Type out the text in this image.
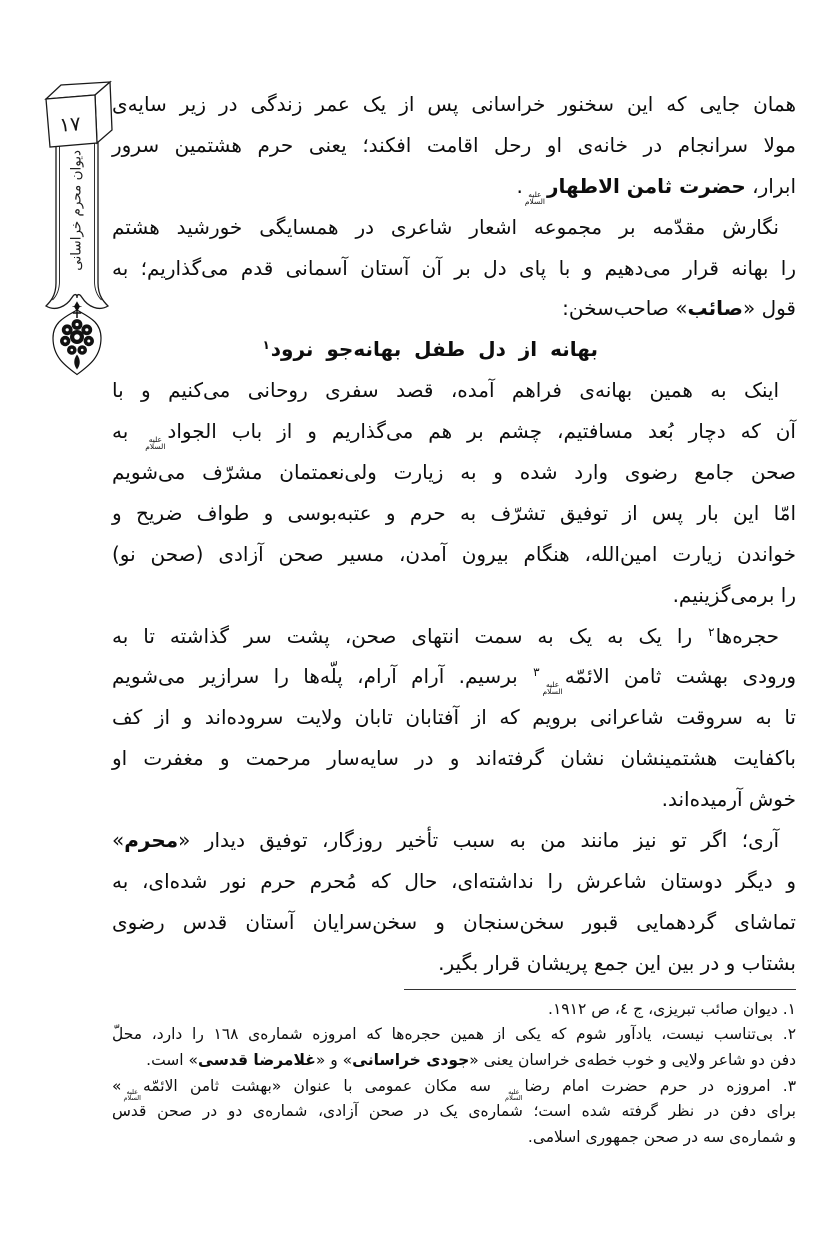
١٧
دیوان محرم خراسانی
همان جایی که این سخنور خراسانی پس از یک عمر زندگی در زیر سایه‌ی
مولا سرانجام در خانه‌ی او رحل اقامت افکند؛ یعنی حرم هشتمین سرور
ابرار، حضرت ثامن الاطهار
علیه
السلام
.
نگارش مقدّمه بر مجموعه اشعار شاعری در همسایگی خورشید هشتم
را بهانه قرار می‌دهیم و با پای دل بر آن آستان آسمانی قدم می‌گذاریم؛ به
قول «صائب» صاحب‌سخن:
بهانه از دل طفل بهانه‌جو نرود$^١$
اینک به همین بهانه‌ی فراهم آمده، قصد سفری روحانی می‌کنیم و با
آن که دچار بُعد مسافتیم، چشم بر هم می‌گذاریم و از باب الجواد
علیه
السلام
به
صحن جامع رضوی وارد شده و به زیارت ولی‌نعمتمان مشرّف می‌شویم
امّا این بار پس از توفیق تشرّف به حرم و عتبه‌بوسی و طواف ضریح و
خواندن زیارت امین‌الله، هنگام بیرون آمدن، مسیر صحن آزادی (صحن نو)
را برمی‌گزینیم.
حجره‌ها$^٢$ را یک به یک به سمت انتهای صحن، پشت سر گذاشته تا به
ورودی بهشت ثامن الائمّه
علیه
السلام
$^٣$ برسیم. آرام آرام، پلّه‌ها را سرازیر می‌شویم
تا به سروقت شاعرانی برویم که از آفتابان تابان ولایت سروده‌اند و از کف
باکفایت هشتمینشان نشان گرفته‌اند و در سایه‌سار مرحمت و مغفرت او
خوش آرمیده‌اند.
آری؛ اگر تو نیز مانند من به سبب تأخیر روزگار، توفیق دیدار «محرم»
و دیگر دوستان شاعرش را نداشته‌ای، حال که مُحرم حرم نور شده‌ای، به
تماشای گردهمایی قبور سخن‌سنجان و سخن‌سرایان آستان قدس رضوی
بشتاب و در بین این جمع پریشان قرار بگیر.
١. دیوان صائب تبریزی، ج ٤، ص ١٩١٢.
٢. بی‌تناسب نیست، یادآور شوم که یکی از همین حجره‌ها که امروزه شماره‌ی ١٦٨ را دارد، محلّ
دفن دو شاعر ولایی و خوب خطه‌ی خراسان یعنی «جودی خراسانی» و «غلامرضا قدسی» است.
٣. امروزه در حرم حضرت امام رضا
علیه
السلام
سه مکان عمومی با عنوان «بهشت ثامن الائمّه
علیه
السلام
»
برای دفن در نظر گرفته شده است؛ شماره‌ی یک در صحن آزادی، شماره‌ی دو در صحن قدس
و شماره‌ی سه در صحن جمهوری اسلامی.
